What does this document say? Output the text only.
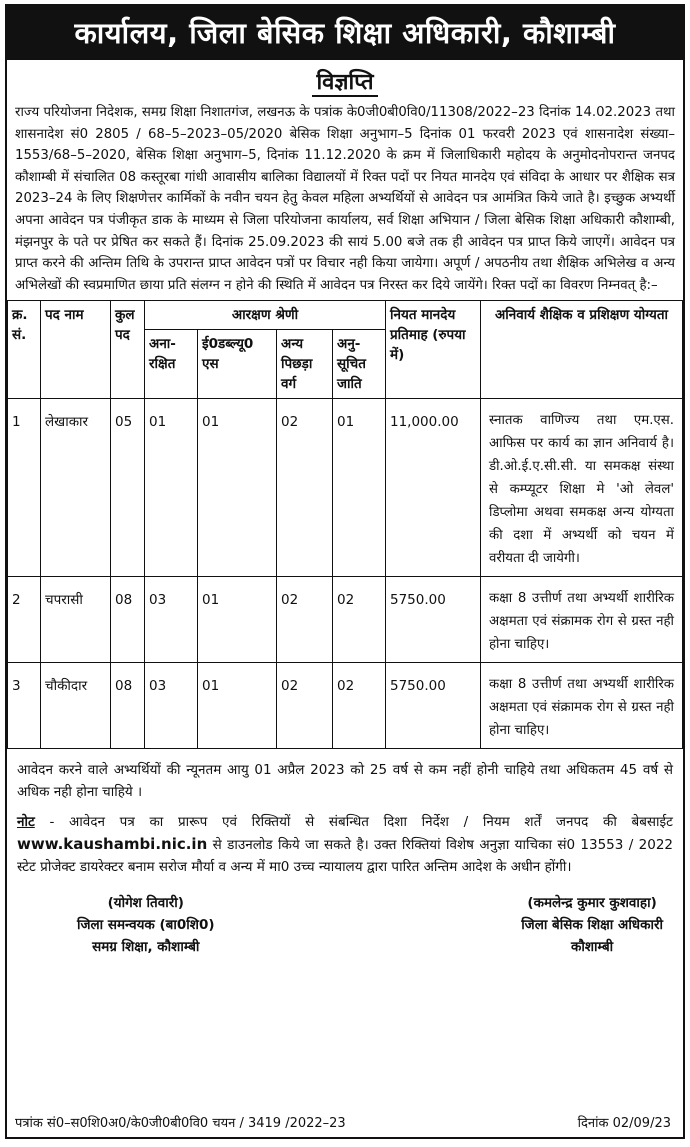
कार्यालय, जिला बेसिक शिक्षा अधिकारी, कौशाम्बी
विज्ञप्ति
राज्य परियोजना निदेशक, समग्र शिक्षा निशातगंज, लखनऊ के पत्रांक के0जी0बी0वि0/11308/2022–23 दिनांक 14.02.2023 तथा शासनादेश सं0 2805 / 68–5–2023–05/2020 बेसिक शिक्षा अनुभाग–5 दिनांक 01 फरवरी 2023 एवं शासनादेश संख्या– 1553/68–5–2020, बेसिक शिक्षा अनुभाग–5, दिनांक 11.12.2020 के क्रम में जिलाधिकारी महोदय के अनुमोदनोपरान्त जनपद कौशाम्बी में संचालित 08 कस्तूरबा गांधी आवासीय बालिका विद्यालयों में रिक्त पदों पर नियत मानदेय एवं संविदा के आधार पर शैक्षिक सत्र 2023–24 के लिए शिक्षणेत्तर कार्मिकों के नवीन चयन हेतु केवल महिला अभ्यर्थियों से आवेदन पत्र आमंत्रित किये जाते है। इच्छुक अभ्यर्थी अपना आवेदन पत्र पंजीकृत डाक के माध्यम से जिला परियोजना कार्यालय, सर्व शिक्षा अभियान / जिला बेसिक शिक्षा अधिकारी कौशाम्बी, मंझनपुर के पते पर प्रेषित कर सकते हैं। दिनांक 25.09.2023 की सायं 5.00 बजे तक ही आवेदन पत्र प्राप्त किये जाएगें। आवेदन पत्र प्राप्त करने की अन्तिम तिथि के उपरान्त प्राप्त आवेदन पत्रों पर विचार नही किया जायेगा। अपूर्ण / अपठनीय तथा शैक्षिक अभिलेख व अन्य अभिलेखों की स्वप्रमाणित छाया प्रति संलग्न न होने की स्थिति में आवेदन पत्र निरस्त कर दिये जायेंगे। रिक्त पदों का विवरण निम्नवत् है:–
क्र. सं.	पद नाम	कुल पद	आरक्षण श्रेणी				नियत मानदेय प्रतिमाह (रुपया में)	अनिवार्य शैक्षिक व प्रशिक्षण योग्यता
			अना- रक्षित	ई0डब्ल्यू0 एस	अन्य पिछड़ा वर्ग	अनु- सूचित जाति		
1	लेखाकार	05	01	01	02	01	11,000.00	स्नातक वाणिज्य तथा एम.एस. आफिस पर कार्य का ज्ञान अनिवार्य है। डी.ओ.ई.ए.सी.सी. या समकक्ष संस्था से कम्प्यूटर शिक्षा मे 'ओ लेवल' डिप्लोमा अथवा समकक्ष अन्य योग्यता की दशा में अभ्यर्थी को चयन में वरीयता दी जायेगी।
2	चपरासी	08	03	01	02	02	5750.00	कक्षा 8 उत्तीर्ण तथा अभ्यर्थी शारीरिक अक्षमता एवं संक्रामक रोग से ग्रस्त नही होना चाहिए।
3	चौकीदार	08	03	01	02	02	5750.00	कक्षा 8 उत्तीर्ण तथा अभ्यर्थी शारीरिक अक्षमता एवं संक्रामक रोग से ग्रस्त नही होना चाहिए।
आवेदन करने वाले अभ्यर्थियों की न्यूनतम आयु 01 अप्रैल 2023 को 25 वर्ष से कम नहीं होनी चाहिये तथा अधिकतम 45 वर्ष से अधिक नही होना चाहिये ।
नोट - आवेदन पत्र का प्रारूप एवं रिक्तियों से संबन्धित दिशा निर्देश / नियम शर्तें जनपद की बेबसाईट www.kaushambi.nic.in से डाउनलोड किये जा सकते है। उक्त रिक्तियां विशेष अनुज्ञा याचिका सं0 13553 / 2022 स्टेट प्रोजेक्ट डायरेक्टर बनाम सरोज मौर्या व अन्य में मा0 उच्च न्यायालय द्वारा पारित अन्तिम आदेश के अधीन होंगी।
(योगेश तिवारी)
जिला समन्वयक (बा0शि0)
समग्र शिक्षा, कौशाम्बी
(कमलेन्द्र कुमार कुशवाहा)
जिला बेसिक शिक्षा अधिकारी
कौशाम्बी
पत्रांक सं0–स0शि0अ0/के0जी0बी0वि0 चयन / 3419 /2022–23	दिनांक 02/09/23
